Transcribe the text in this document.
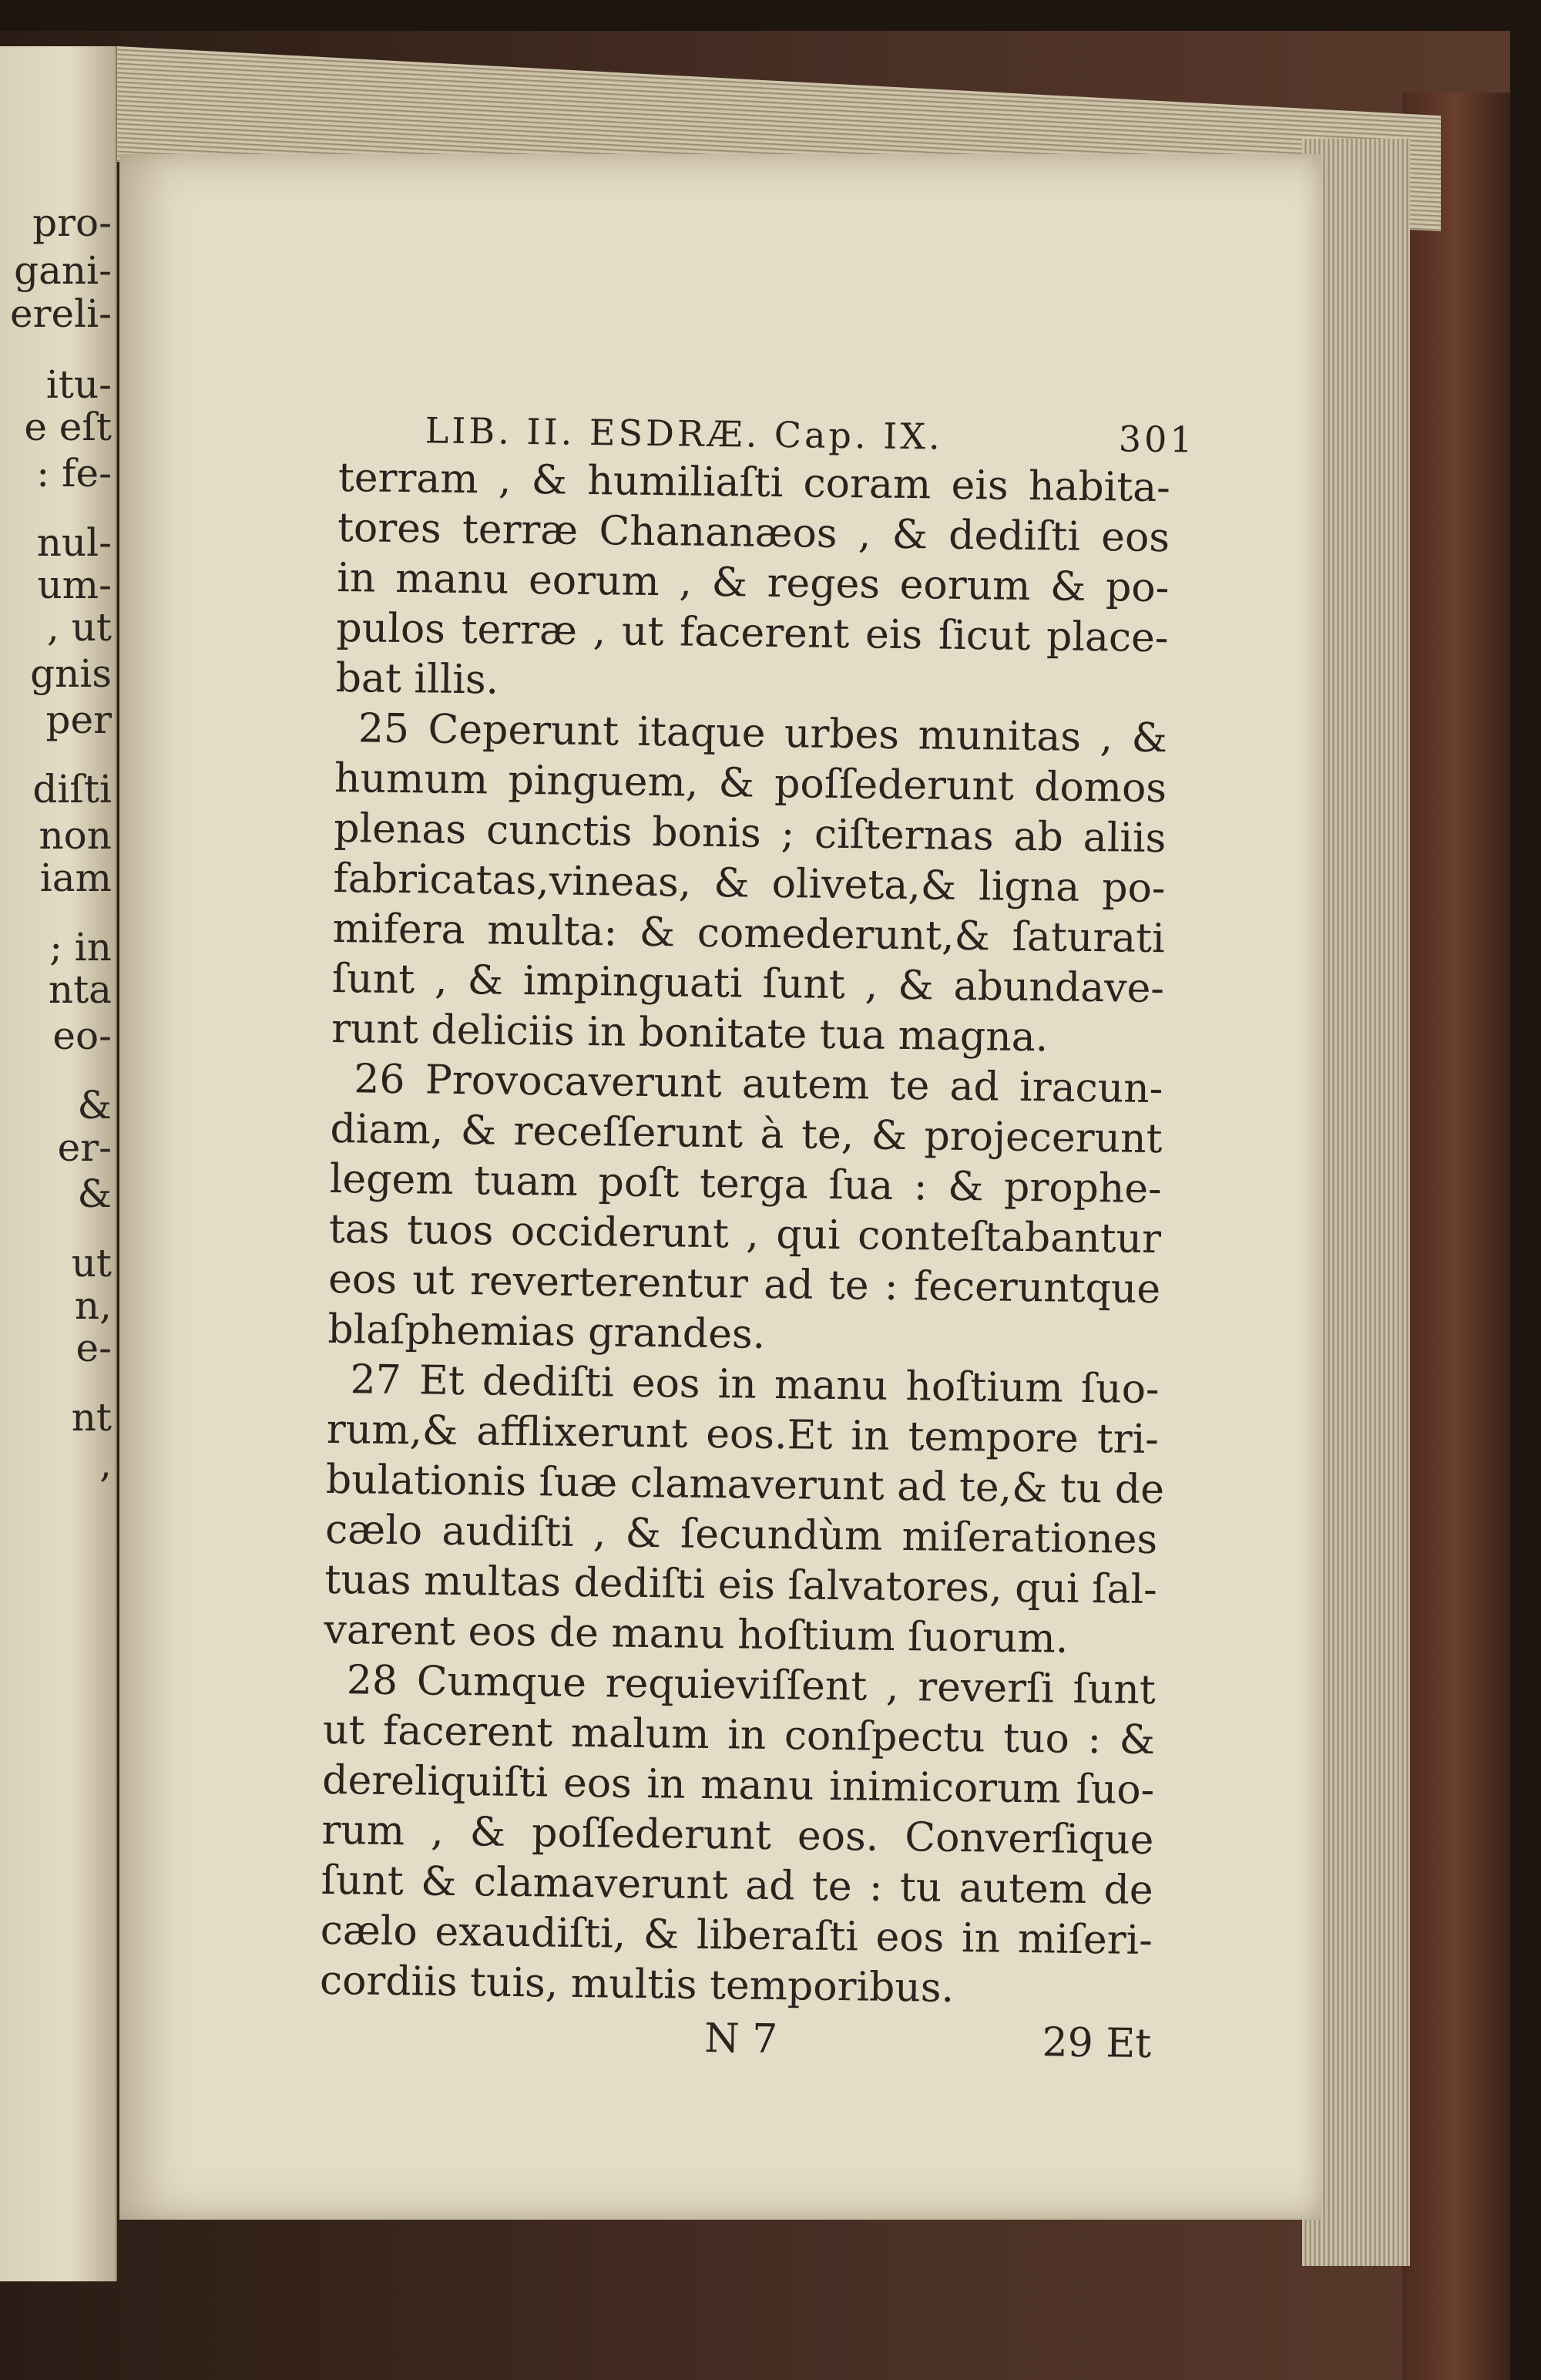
pro-
gani-
ereli-
itu-
e eſt
: fe-
nul-
um-
, ut
gnis
per
diſti
non
iam
; in
nta
eo-
&
er-
&
ut
n,
e-
nt
,
LIB. II. ESDRÆ. Cap. IX.	301
terram , & humiliaſti coram eis habita-
tores terræ Chananæos , & dediſti eos
in manu eorum , & reges eorum & po-
pulos terræ , ut facerent eis ſicut place-
bat illis.
25 Ceperunt itaque urbes munitas , &
humum pinguem, & poſſederunt domos
plenas cunctis bonis ; ciſternas ab aliis
fabricatas,vineas, & oliveta,& ligna po-
mifera multa: & comederunt,& ſaturati
ſunt , & impinguati ſunt , & abundave-
runt deliciis in bonitate tua magna.
26 Provocaverunt autem te ad iracun-
diam, & receſſerunt à te, & projecerunt
legem tuam poſt terga ſua : & prophe-
tas tuos occiderunt , qui conteſtabantur
eos ut reverterentur ad te : feceruntque
blaſphemias grandes.
27 Et dediſti eos in manu hoſtium ſuo-
rum,& afflixerunt eos.Et in tempore tri-
bulationis ſuæ clamaverunt ad te,& tu de
cælo audiſti , & ſecundùm miſerationes
tuas multas dediſti eis ſalvatores, qui ſal-
varent eos de manu hoſtium ſuorum.
28 Cumque requieviſſent , reverſi ſunt
ut facerent malum in conſpectu tuo : &
dereliquiſti eos in manu inimicorum ſuo-
rum , & poſſederunt eos. Converſique
ſunt & clamaverunt ad te : tu autem de
cælo exaudiſti, & liberaſti eos in miſeri-
cordiis tuis, multis temporibus.
N 7	29 Et
